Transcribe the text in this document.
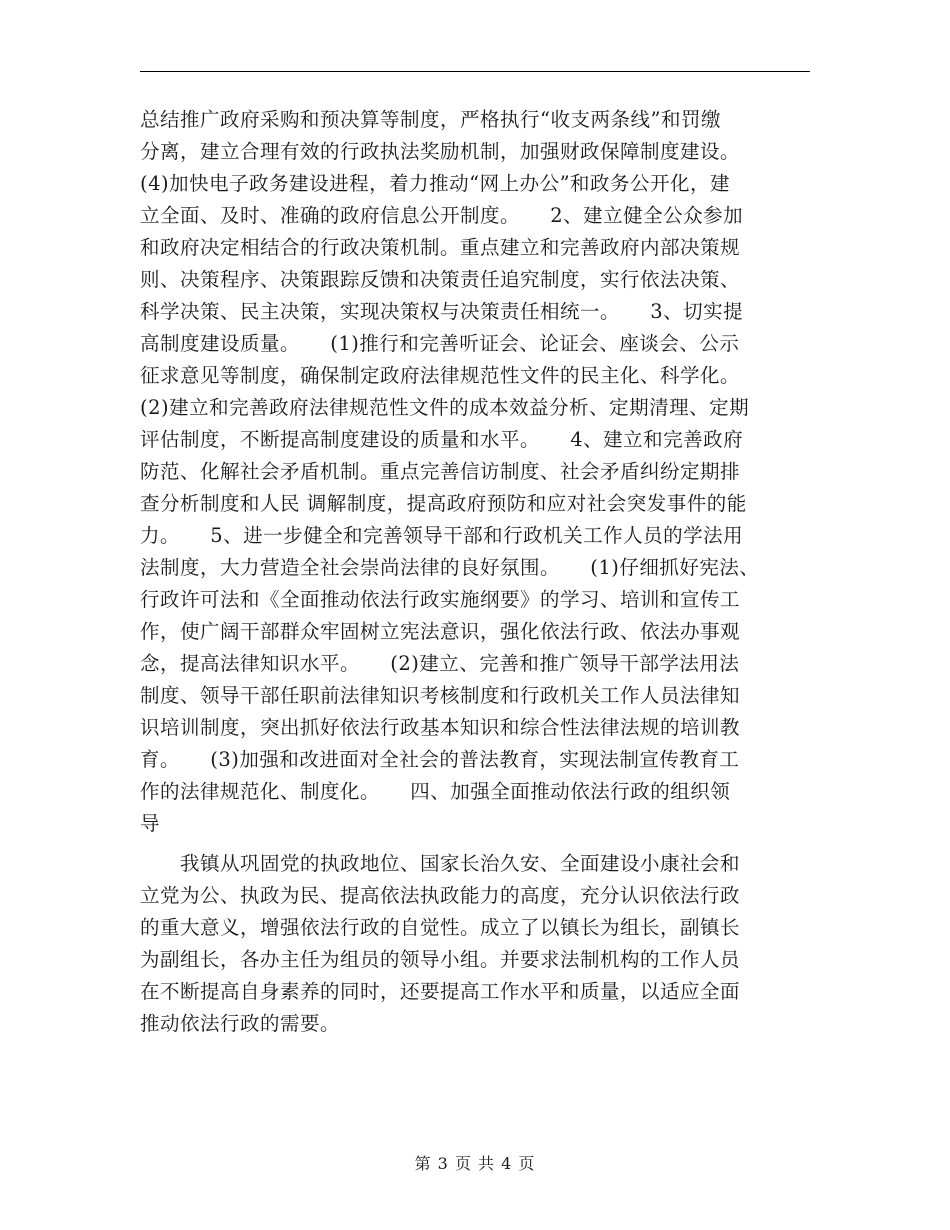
总结推广政府采购和预决算等制度，严格执行“收支两条线”和罚缴
分离，建立合理有效的行政执法奖励机制，加强财政保障制度建设。
(4)加快电子政务建设进程，着力推动“网上办公”和政务公开化，建
立全面、及时、准确的政府信息公开制度。　　2、建立健全公众参加
和政府决定相结合的行政决策机制。重点建立和完善政府内部决策规
则、决策程序、决策跟踪反馈和决策责任追究制度，实行依法决策、
科学决策、民主决策，实现决策权与决策责任相统一。　　3、切实提
高制度建设质量。　　(1)推行和完善听证会、论证会、座谈会、公示
征求意见等制度，确保制定政府法律规范性文件的民主化、科学化。
(2)建立和完善政府法律规范性文件的成本效益分析、定期清理、定期
评估制度，不断提高制度建设的质量和水平。　　4、建立和完善政府
防范、化解社会矛盾机制。重点完善信访制度、社会矛盾纠纷定期排
查分析制度和人民 调解制度，提高政府预防和应对社会突发事件的能
力。　　5、进一步健全和完善领导干部和行政机关工作人员的学法用
法制度，大力营造全社会崇尚法律的良好氛围。　　(1)仔细抓好宪法、
行政许可法和《全面推动依法行政实施纲要》的学习、培训和宣传工
作，使广阔干部群众牢固树立宪法意识，强化依法行政、依法办事观
念，提高法律知识水平。　　(2)建立、完善和推广领导干部学法用法
制度、领导干部任职前法律知识考核制度和行政机关工作人员法律知
识培训制度，突出抓好依法行政基本知识和综合性法律法规的培训教
育。　　(3)加强和改进面对全社会的普法教育，实现法制宣传教育工
作的法律规范化、制度化。　　四、加强全面推动依法行政的组织领
导
　　我镇从巩固党的执政地位、国家长治久安、全面建设小康社会和
立党为公、执政为民、提高依法执政能力的高度，充分认识依法行政
的重大意义，增强依法行政的自觉性。成立了以镇长为组长，副镇长
为副组长，各办主任为组员的领导小组。并要求法制机构的工作人员
在不断提高自身素养的同时，还要提高工作水平和质量，以适应全面
推动依法行政的需要。
第 3 页 共 4 页
